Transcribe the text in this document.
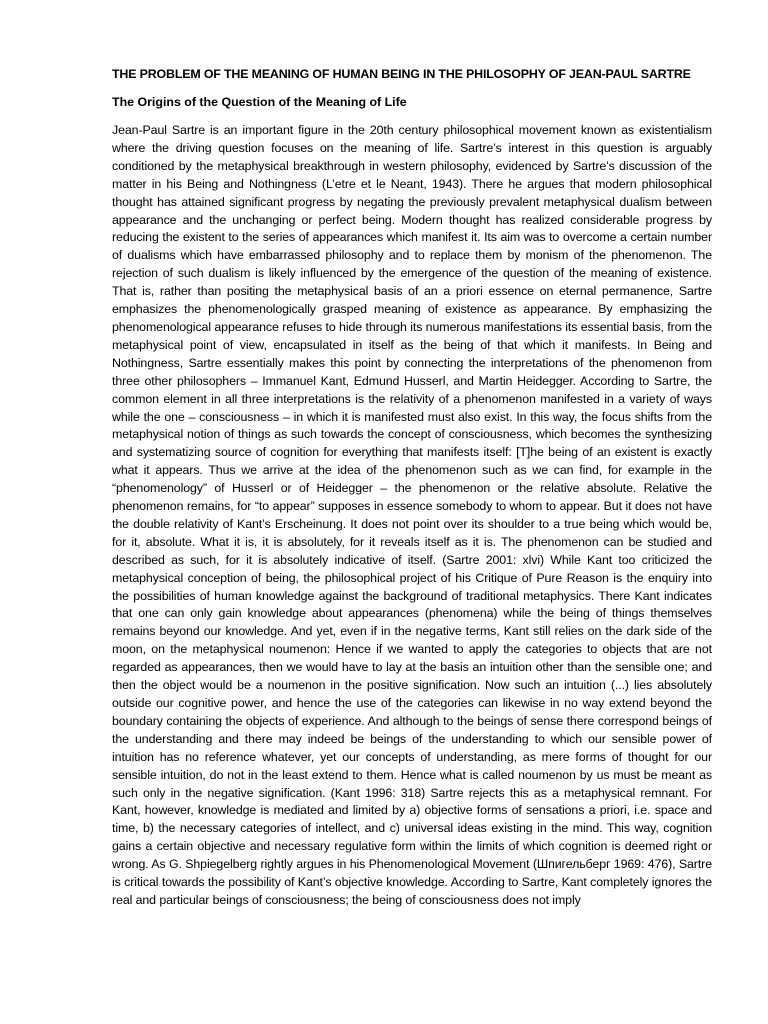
THE PROBLEM OF THE MEANING OF HUMAN BEING IN THE PHILOSOPHY OF JEAN-PAUL SARTRE
The Origins of the Question of the Meaning of Life

Jean-Paul Sartre is an important figure in the 20th century philosophical movement known as existentialism where the driving question focuses on the meaning of life. Sartre’s interest in this question is arguably conditioned by the metaphysical breakthrough in western philosophy, evidenced by Sartre’s discussion of the matter in his Being and Nothingness (L’etre et le Neant, 1943). There he argues that modern philosophical thought has attained significant progress by negating the previously prevalent metaphysical dualism between appearance and the unchanging or perfect being. Modern thought has realized considerable progress by reducing the existent to the series of appearances which manifest it. Its aim was to overcome a certain number of dualisms which have embarrassed philosophy and to replace them by monism of the phenomenon. The rejection of such dualism is likely influenced by the emergence of the question of the meaning of existence. That is, rather than positing the metaphysical basis of an a priori essence on eternal permanence, Sartre emphasizes the phenomenologically grasped meaning of existence as appearance. By emphasizing the phenomenological appearance refuses to hide through its numerous manifestations its essential basis, from the metaphysical point of view, encapsulated in itself as the being of that which it manifests. In Being and Nothingness, Sartre essentially makes this point by connecting the interpretations of the phenomenon from three other philosophers – Immanuel Kant, Edmund Husserl, and Martin Heidegger. According to Sartre, the common element in all three interpretations is the relativity of a phenomenon manifested in a variety of ways while the one – consciousness – in which it is manifested must also exist. In this way, the focus shifts from the metaphysical notion of things as such towards the concept of consciousness, which becomes the synthesizing and systematizing source of cognition for everything that manifests itself: [T]he being of an existent is exactly what it appears. Thus we arrive at the idea of the phenomenon such as we can find, for example in the “phenomenology” of Husserl or of Heidegger – the phenomenon or the relative absolute. Relative the phenomenon remains, for “to appear” supposes in essence somebody to whom to appear. But it does not have the double relativity of Kant’s Erscheinung. It does not point over its shoulder to a true being which would be, for it, absolute. What it is, it is absolutely, for it reveals itself as it is. The phenomenon can be studied and described as such, for it is absolutely indicative of itself. (Sartre 2001: xlvi) While Kant too criticized the metaphysical conception of being, the philosophical project of his Critique of Pure Reason is the enquiry into the possibilities of human knowledge against the background of traditional metaphysics. There Kant indicates that one can only gain knowledge about appearances (phenomena) while the being of things themselves remains beyond our knowledge. And yet, even if in the negative terms, Kant still relies on the dark side of the moon, on the metaphysical noumenon: Hence if we wanted to apply the categories to objects that are not regarded as appearances, then we would have to lay at the basis an intuition other than the sensible one; and then the object would be a noumenon in the positive signification. Now such an intuition (...) lies absolutely outside our cognitive power, and hence the use of the categories can likewise in no way extend beyond the boundary containing the objects of experience. And although to the beings of sense there correspond beings of the understanding and there may indeed be beings of the understanding to which our sensible power of intuition has no reference whatever, yet our concepts of understanding, as mere forms of thought for our sensible intuition, do not in the least extend to them. Hence what is called noumenon by us must be meant as such only in the negative signification. (Kant 1996: 318) Sartre rejects this as a metaphysical remnant. For Kant, however, knowledge is mediated and limited by a) objective forms of sensations a priori, i.e. space and time, b) the necessary categories of intellect, and c) universal ideas existing in the mind. This way, cognition gains a certain objective and necessary regulative form within the limits of which cognition is deemed right or wrong. As G. Shpiegelberg rightly argues in his Phenomenological Movement (Шпигельберг 1969: 476), Sartre is critical towards the possibility of Kant’s objective knowledge. According to Sartre, Kant completely ignores the real and particular beings of consciousness; the being of consciousness does not imply
